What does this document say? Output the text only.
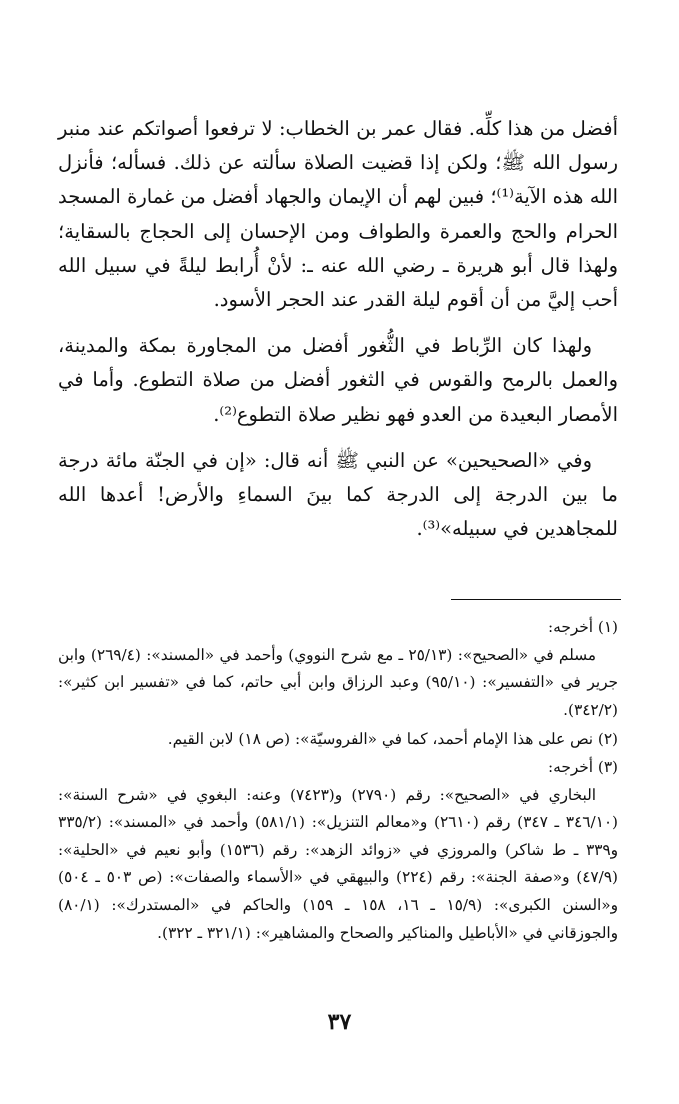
أفضل من هذا كلِّه. فقال عمر بن الخطاب: لا ترفعوا أصواتكم عند منبر رسول الله ﷺ؛ ولكن إذا قضيت الصلاة سألته عن ذلك. فسأله؛ فأنزل الله هذه الآية⁽¹⁾؛ فبين لهم أن الإيمان والجهاد أفضل من غمارة المسجد الحرام والحج والعمرة والطواف ومن الإحسان إلى الحجاج بالسقاية؛ ولهذا قال أبو هريرة ـ رضي الله عنه ـ: لأنْ أُرابط ليلةً في سبيل الله أحب إليَّ من أن أقوم ليلة القدر عند الحجر الأسود.

ولهذا كان الرِّباط في الثُّغور أفضل من المجاورة بمكة والمدينة، والعمل بالرمح والقوس في الثغور أفضل من صلاة التطوع. وأما في الأمصار البعيدة من العدو فهو نظير صلاة التطوع⁽²⁾.

وفي «الصحيحين» عن النبي ﷺ أنه قال: «إن في الجنّة مائة درجة ما بين الدرجة إلى الدرجة كما بينَ السماءِ والأرض! أعدها الله للمجاهدين في سبيله»⁽³⁾.

(١) أخرجه:

مسلم في «الصحيح»: (٢٥/١٣ ـ مع شرح النووي) وأحمد في «المسند»: (٢٦٩/٤) وابن جرير في «التفسير»: (٩٥/١٠) وعبد الرزاق وابن أبي حاتم، كما في «تفسير ابن كثير»: (٣٤٢/٢).

(٢) نص على هذا الإمام أحمد، كما في «الفروسيّة»: (ص ١٨) لابن القيم.

(٣) أخرجه:

البخاري في «الصحيح»: رقم (٢٧٩٠) و(٧٤٢٣) وعنه: البغوي في «شرح السنة»: (٣٤٦/١٠ ـ ٣٤٧) رقم (٢٦١٠) و«معالم التنزيل»: (٥٨١/١) وأحمد في «المسند»: (٣٣٥/٢ و٣٣٩ ـ ط شاكر) والمروزي في «زوائد الزهد»: رقم (١٥٣٦) وأبو نعيم في «الحلية»: (٤٧/٩) و«صفة الجنة»: رقم (٢٢٤) والبيهقي في «الأسماء والصفات»: (ص ٥٠٣ ـ ٥٠٤) و«السنن الكبرى»: (١٥/٩ ـ ١٦، ١٥٨ ـ ١٥٩) والحاكم في «المستدرك»: (٨٠/١) والجوزقاني في «الأباطيل والمناكير والصحاح والمشاهير»: (٣٢١/١ ـ ٣٢٢).

٣٧
